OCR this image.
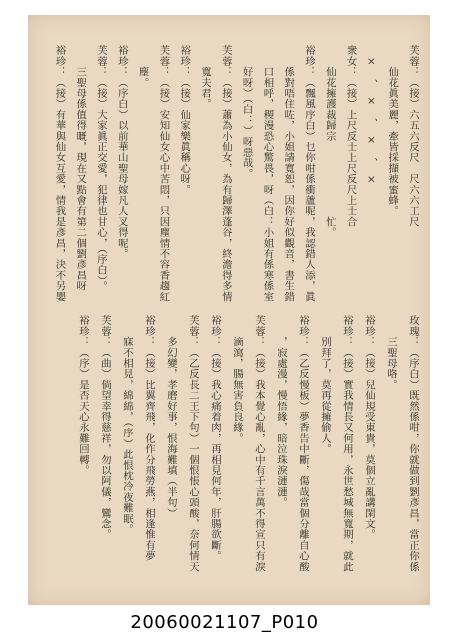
芙蓉：（接）六五六反尺　尺六六工尺
　　仙花眞美麗，牽皆採擷被蜜蜂。
　×　、　×　、　×　、　×
衆女：（接）上尺反士上尺反尺上士合
　　仙花擁護裁歸宗　　　　　　　忙。
裕珍：（飄風序白）乜你咁係衝蘆呢，我認錯人添，眞
　　係對唔住咗，小姐請寬恕，因你好似觀音，書生錯
　　口相呼，稷漫恐心驚畏，呀（白：小姐有係寒係室
　　好呀）（白：）呀惡哉。
芙蓉：（接）蕭為小仙女，為有歸澤蓬谷，終澹得多情
　　寬夫君。
裕珍：（接）仙家樂眞稱心呀。
芙蓉：（接）安知仙女心中苦悶，只因塵情不容香趨紅
　　塵。
裕珍：（序白）以前華山聖母嫁凡人叉得呢。
芙蓉：（接）大家眞正交愛，犯律也甘心，（序白）。
　　三聖母係值得嘅，現在又點會有第二個劉彥昌呀
裕珍：（接）有華與仙女互愛，情我是彥昌，決不另嬰
玫瑰：（序白）既然係咁，你就做到劉彥昌，當正你係
　　三聖母咯。
裕珍：（接）兒仙規受東貴，莫個立亂講閑文。
裕珍：（接）實我情長又何用，永世愁城無寬期，就此
　　別拜了，莫再從擁偷人。
裕珍：（乙反慢板）夢香告中斷，傷哉當個分離自心酸
　　，寂處漫，慢悟緣，暗泣珠淚漣漣。
芙蓉：（接）我本覺心亂，心中有千言萬不得宣只有淚
　　滴瀉，腸無害負良緣。
裕珍：（接）我心痛着肉，再相見何年，肝腸欲斷。
芙蓉：（乙反長二王下句）一個恨悵心頭酸，奈何情天
　　多幻變，孝磨好事，恨海難填（半句）
裕珍：（接）比翼齊飛，化作分飛勞燕，相逢惟有夢
　　寐不相見，綿綿，（序）此恨枕冷夜難眠。
芙蓉：（曲）倘望幸得慈祥，勿以阿儀，鸞念。
裕珍：（序）是否天心永難回轉。
20060021107_P010
